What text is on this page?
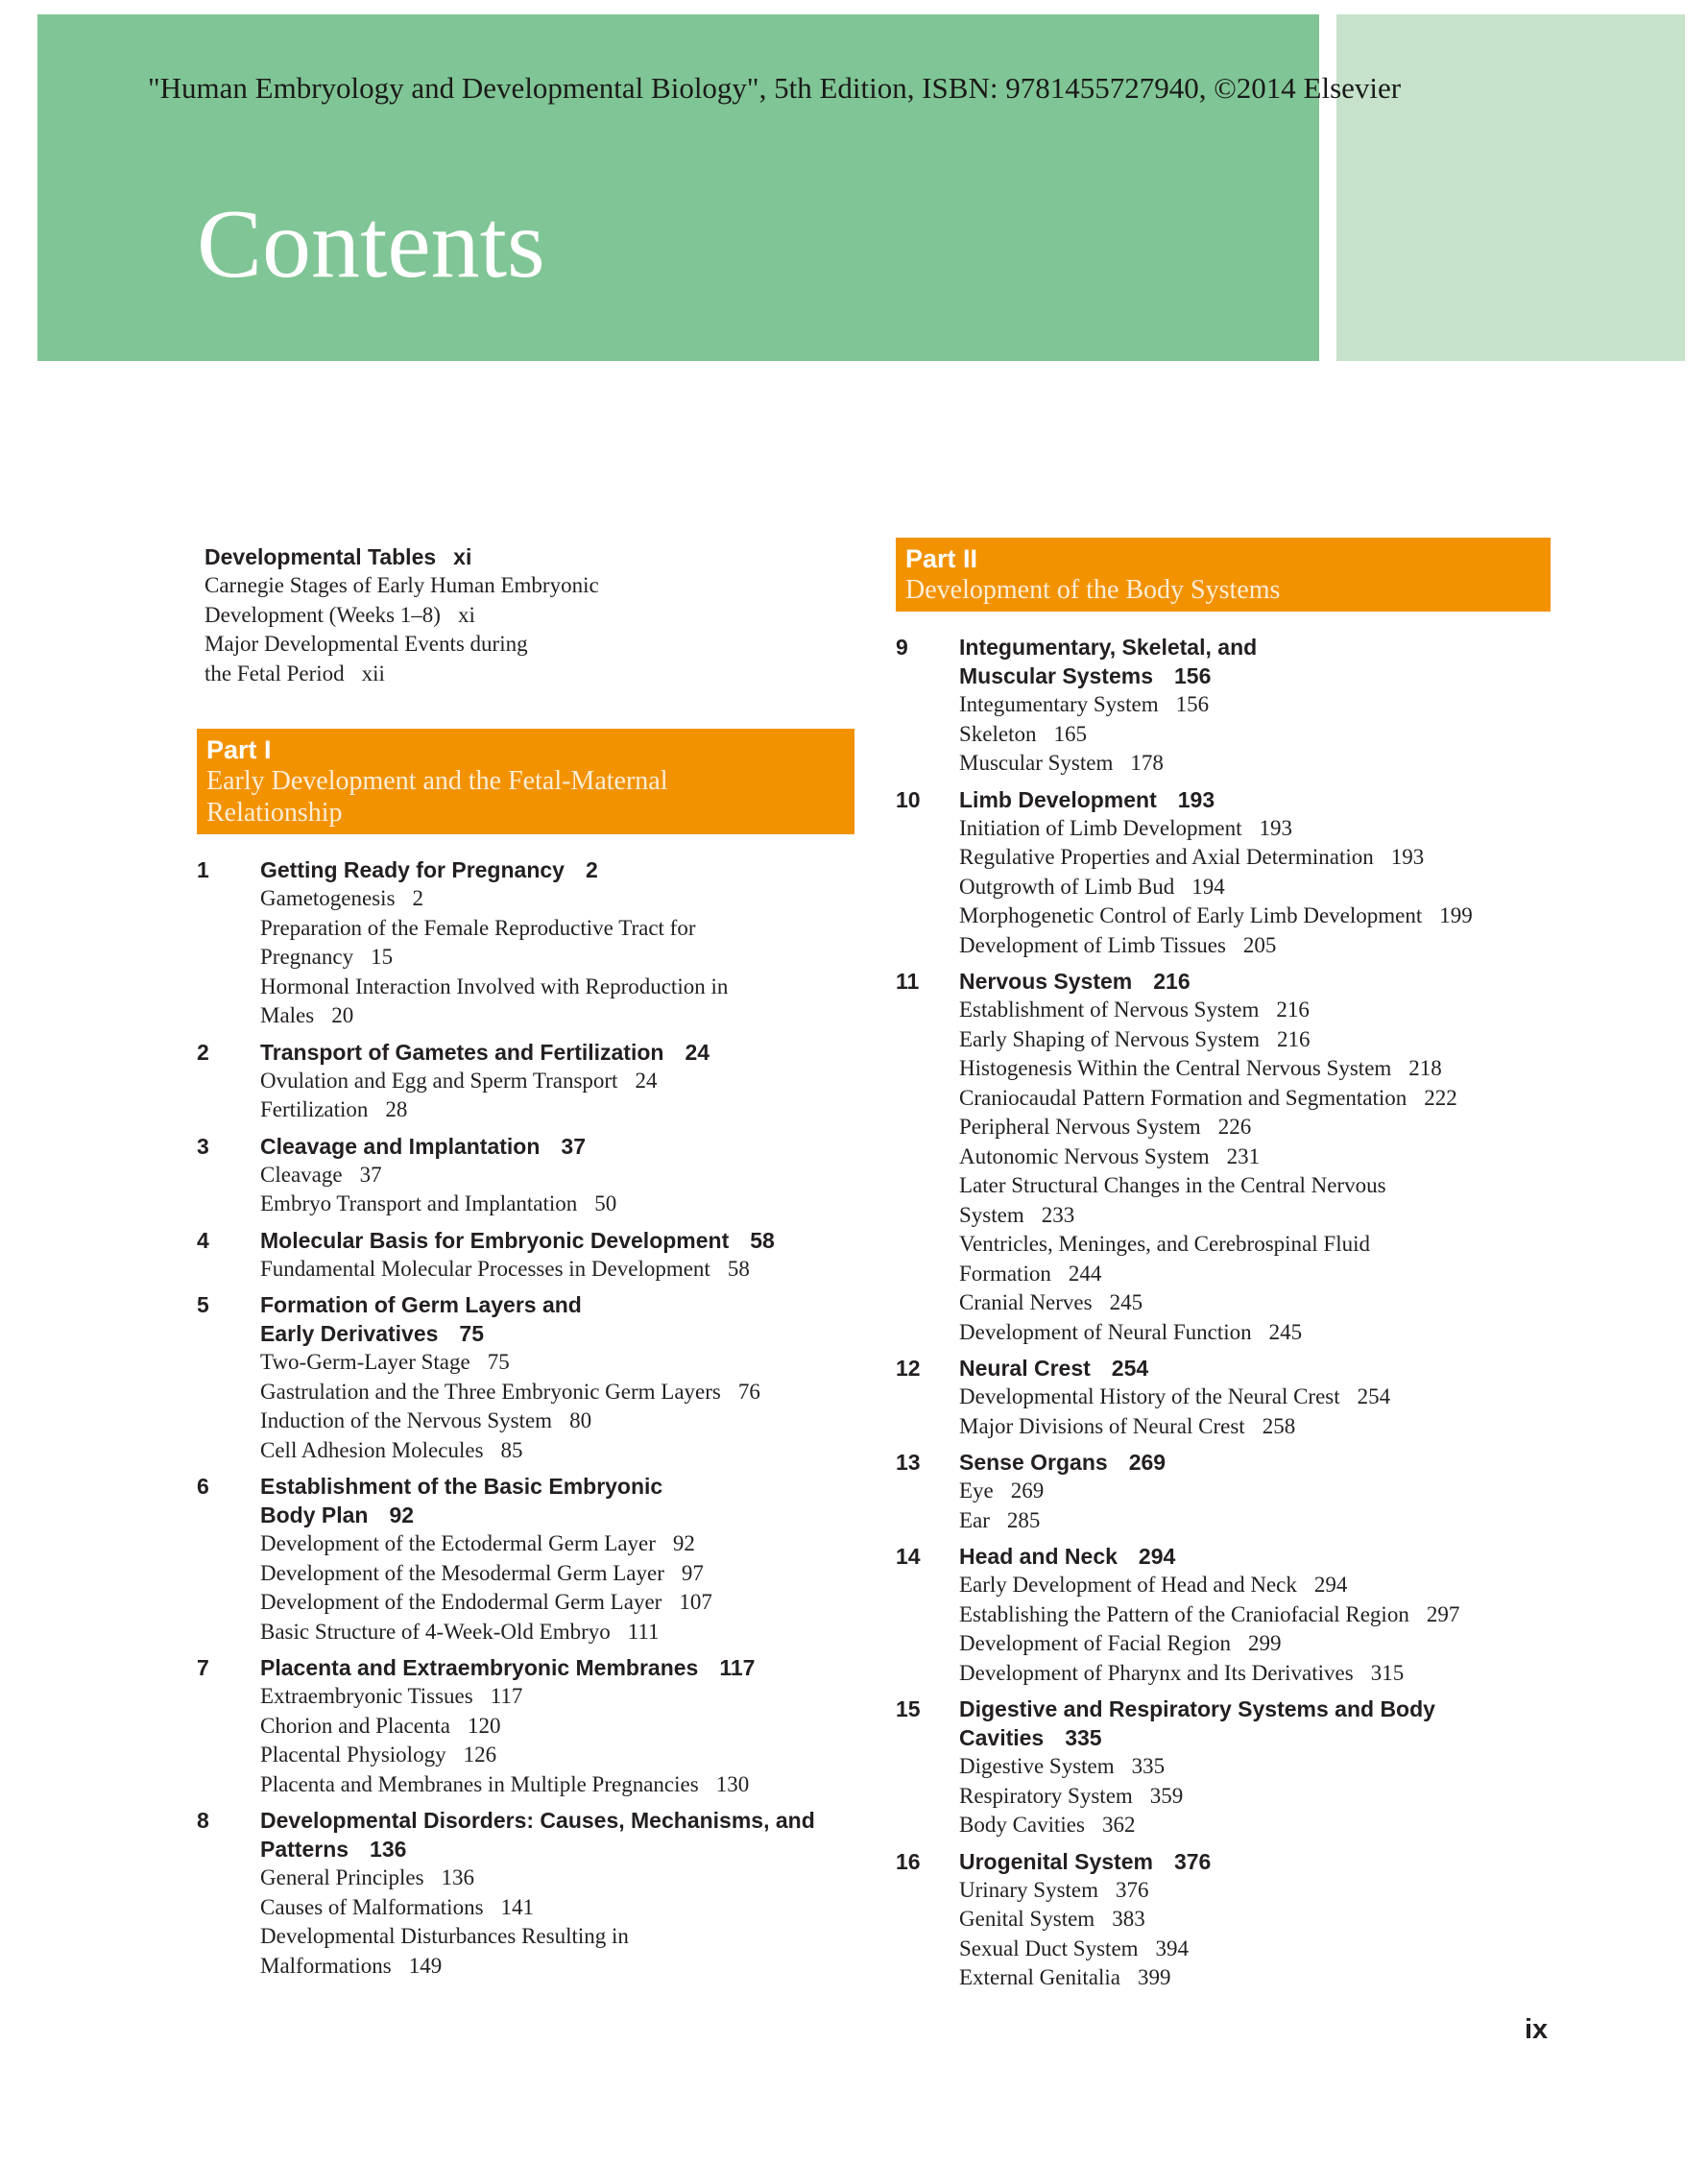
"Human Embryology and Developmental Biology", 5th Edition, ISBN: 9781455727940, ©2014 Elsevier
Contents
Developmental Tables xi
Carnegie Stages of Early Human Embryonic
Development (Weeks 1–8) xi
Major Developmental Events during
the Fetal Period xii
Part I
Early Development and the Fetal-Maternal
Relationship
1	Getting Ready for Pregnancy 2
Gametogenesis 2
Preparation of the Female Reproductive Tract for
Pregnancy 15
Hormonal Interaction Involved with Reproduction in
Males 20
2	Transport of Gametes and Fertilization 24
Ovulation and Egg and Sperm Transport 24
Fertilization 28
3	Cleavage and Implantation 37
Cleavage 37
Embryo Transport and Implantation 50
4	Molecular Basis for Embryonic Development 58
Fundamental Molecular Processes in Development 58
5	Formation of Germ Layers and
Early Derivatives 75
Two-Germ-Layer Stage 75
Gastrulation and the Three Embryonic Germ Layers 76
Induction of the Nervous System 80
Cell Adhesion Molecules 85
6	Establishment of the Basic Embryonic
Body Plan 92
Development of the Ectodermal Germ Layer 92
Development of the Mesodermal Germ Layer 97
Development of the Endodermal Germ Layer 107
Basic Structure of 4-Week-Old Embryo 111
7	Placenta and Extraembryonic Membranes 117
Extraembryonic Tissues 117
Chorion and Placenta 120
Placental Physiology 126
Placenta and Membranes in Multiple Pregnancies 130
8	Developmental Disorders: Causes, Mechanisms, and
Patterns 136
General Principles 136
Causes of Malformations 141
Developmental Disturbances Resulting in
Malformations 149
Part II
Development of the Body Systems
9	Integumentary, Skeletal, and
Muscular Systems 156
Integumentary System 156
Skeleton 165
Muscular System 178
10	Limb Development 193
Initiation of Limb Development 193
Regulative Properties and Axial Determination 193
Outgrowth of Limb Bud 194
Morphogenetic Control of Early Limb Development 199
Development of Limb Tissues 205
11	Nervous System 216
Establishment of Nervous System 216
Early Shaping of Nervous System 216
Histogenesis Within the Central Nervous System 218
Craniocaudal Pattern Formation and Segmentation 222
Peripheral Nervous System 226
Autonomic Nervous System 231
Later Structural Changes in the Central Nervous
System 233
Ventricles, Meninges, and Cerebrospinal Fluid
Formation 244
Cranial Nerves 245
Development of Neural Function 245
12	Neural Crest 254
Developmental History of the Neural Crest 254
Major Divisions of Neural Crest 258
13	Sense Organs 269
Eye 269
Ear 285
14	Head and Neck 294
Early Development of Head and Neck 294
Establishing the Pattern of the Craniofacial Region 297
Development of Facial Region 299
Development of Pharynx and Its Derivatives 315
15	Digestive and Respiratory Systems and Body
Cavities 335
Digestive System 335
Respiratory System 359
Body Cavities 362
16	Urogenital System 376
Urinary System 376
Genital System 383
Sexual Duct System 394
External Genitalia 399
ix
